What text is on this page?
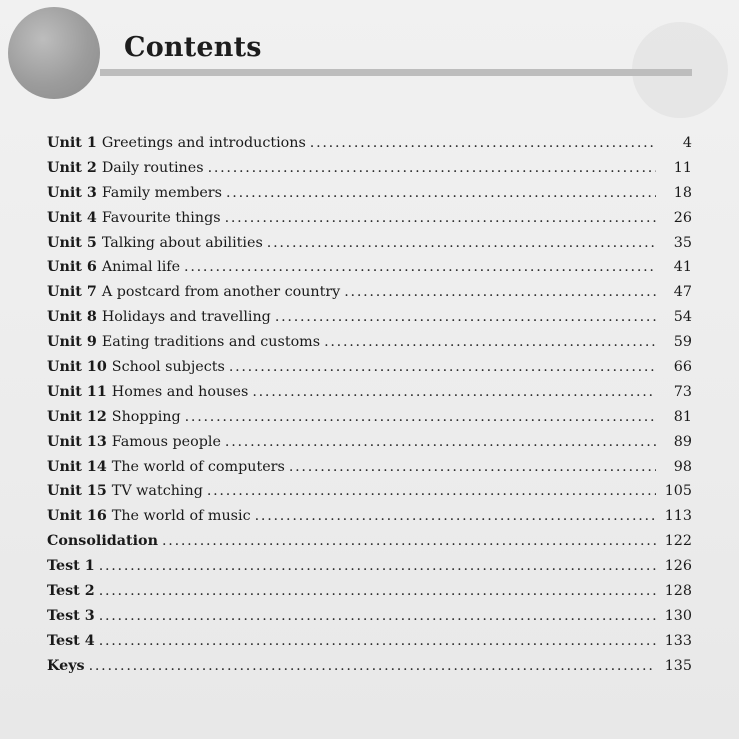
Contents
Unit 1 Greetings and introductions . . .	4
Unit 2 Daily routines . . .	11
Unit 3 Family members . . .	18
Unit 4 Favourite things . . .	26
Unit 5 Talking about abilities . . .	35
Unit 6 Animal life . . .	41
Unit 7 A postcard from another country . . .	47
Unit 8 Holidays and travelling . . .	54
Unit 9 Eating traditions and customs . . .	59
Unit 10 School subjects . . .	66
Unit 11 Homes and houses . . .	73
Unit 12 Shopping . . .	81
Unit 13 Famous people . . .	89
Unit 14 The world of computers . . .	98
Unit 15 TV watching . . .	105
Unit 16 The world of music . . .	113
Consolidation . . .	122
Test 1 . . .	126
Test 2 . . .	128
Test 3 . . .	130
Test 4 . . .	133
Keys . . .	135
